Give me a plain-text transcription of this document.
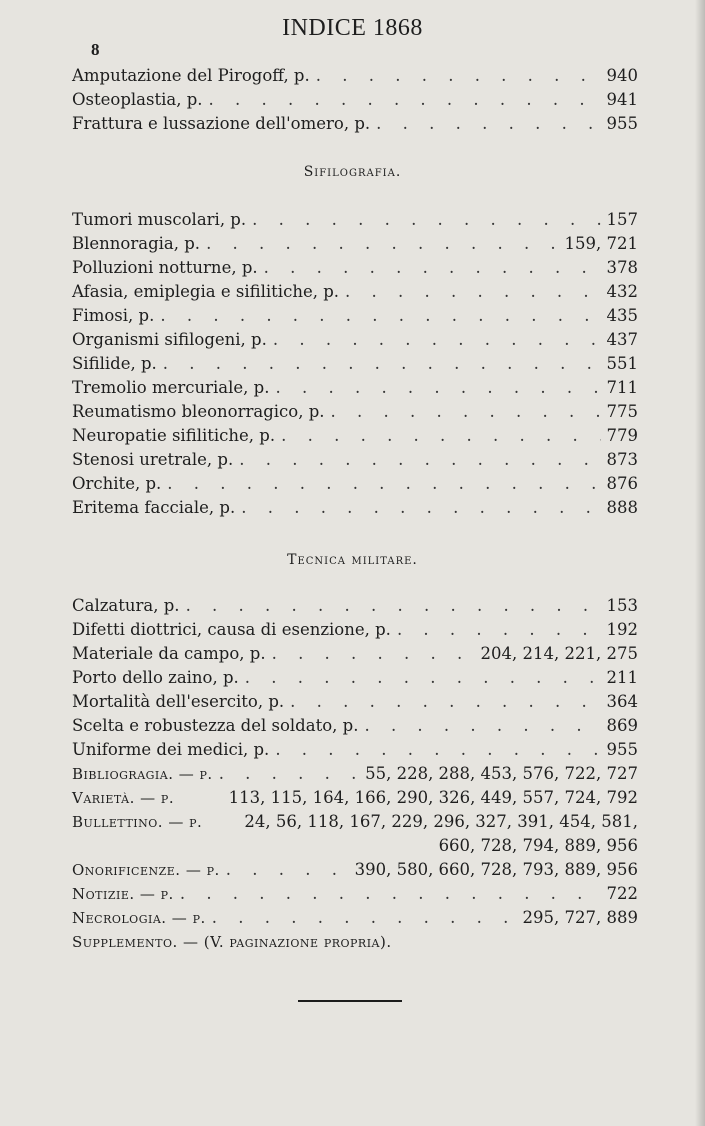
INDICE 1868
8
Amputazione del Pirogoff, p. . . .	940
Osteoplastia, p. . . .	941
Frattura e lussazione dell'omero, p. . . .	955
Sifilografia.
Tumori muscolari, p. . . .	157
Blennoragia, p. . . .	159, 721
Polluzioni notturne, p. . . .	378
Afasia, emiplegia e sifilitiche, p. . . .	432
Fimosi, p. . . .	435
Organismi sifilogeni, p. . . .	437
Sifilide, p. . . .	551
Tremolio mercuriale, p. . . .	711
Reumatismo bleonorragico, p. . . .	775
Neuropatie sifilitiche, p. . . .	779
Stenosi uretrale, p. . . .	873
Orchite, p. . . .	876
Eritema facciale, p. . . .	888
Tecnica militare.
Calzatura, p. . . .	153
Difetti diottrici, causa di esenzione, p. . . .	192
Materiale da campo, p. . . .	204, 214, 221, 275
Porto dello zaino, p. . . .	211
Mortalità dell'esercito, p. . . .	364
Scelta e robustezza del soldato, p. . . .	869
Uniforme dei medici, p. . . .	955
Bibliogragia. — p. . . .	55, 228, 288, 453, 576, 722, 727
Varietà. — p.	113, 115, 164, 166, 290, 326, 449, 557, 724, 792
Bullettino. — p.	24, 56, 118, 167, 229, 296, 327, 391, 454, 581,
660, 728, 794, 889, 956
Onorificenze. — p. . . .	390, 580, 660, 728, 793, 889, 956
Notizie. — p. . . .	722
Necrologia. — p. . . .	295, 727, 889
Supplemento. — (V. paginazione propria).
